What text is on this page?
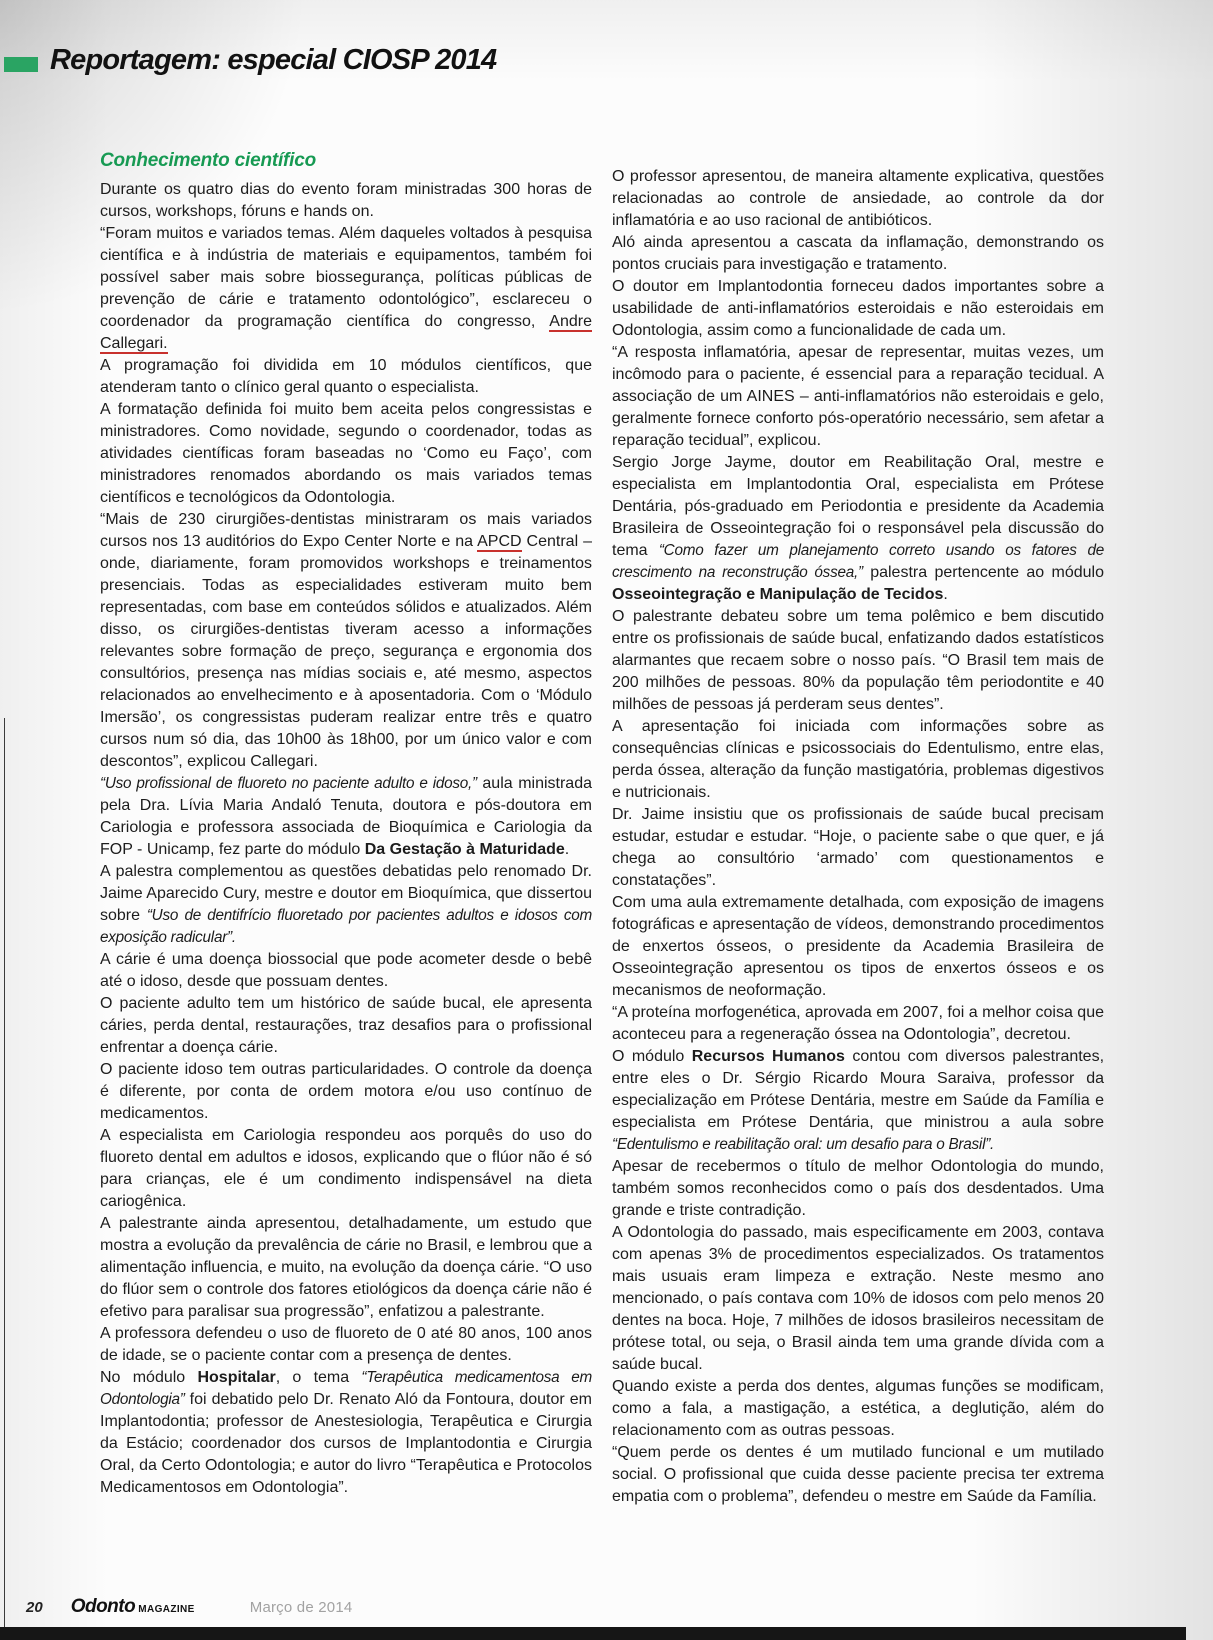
Reportagem: especial CIOSP 2014
Conhecimento científico

Durante os quatro dias do evento foram ministradas 300 horas de cursos, workshops, fóruns e hands on.

“Foram muitos e variados temas. Além daqueles voltados à pesquisa científica e à indústria de materiais e equipamentos, também foi possível saber mais sobre biossegurança, políticas públicas de prevenção de cárie e tratamento odontológico”, esclareceu o coordenador da programação científica do congresso, Andre Callegari.

A programação foi dividida em 10 módulos científicos, que atenderam tanto o clínico geral quanto o especialista.

A formatação definida foi muito bem aceita pelos congressistas e ministradores. Como novidade, segundo o coordenador, todas as atividades científicas foram baseadas no ‘Como eu Faço’, com ministradores renomados abordando os mais variados temas científicos e tecnológicos da Odontologia.

“Mais de 230 cirurgiões-dentistas ministraram os mais variados cursos nos 13 auditórios do Expo Center Norte e na APCD Central – onde, diariamente, foram promovidos workshops e treinamentos presenciais. Todas as especialidades estiveram muito bem representadas, com base em conteúdos sólidos e atualizados. Além disso, os cirurgiões-dentistas tiveram acesso a informações relevantes sobre formação de preço, segurança e ergonomia dos consultórios, presença nas mídias sociais e, até mesmo, aspectos relacionados ao envelhecimento e à aposentadoria. Com o ‘Módulo Imersão’, os congressistas puderam realizar entre três e quatro cursos num só dia, das 10h00 às 18h00, por um único valor e com descontos”, explicou Callegari.

“Uso profissional de fluoreto no paciente adulto e idoso,” aula ministrada pela Dra. Lívia Maria Andaló Tenuta, doutora e pós-doutora em Cariologia e professora associada de Bioquímica e Cariologia da FOP - Unicamp, fez parte do módulo Da Gestação à Maturidade.

A palestra complementou as questões debatidas pelo renomado Dr. Jaime Aparecido Cury, mestre e doutor em Bioquímica, que dissertou sobre “Uso de dentifrício fluoretado por pacientes adultos e idosos com exposição radicular”.

A cárie é uma doença biossocial que pode acometer desde o bebê até o idoso, desde que possuam dentes.

O paciente adulto tem um histórico de saúde bucal, ele apresenta cáries, perda dental, restaurações, traz desafios para o profissional enfrentar a doença cárie.

O paciente idoso tem outras particularidades. O controle da doença é diferente, por conta de ordem motora e/ou uso contínuo de medicamentos.

A especialista em Cariologia respondeu aos porquês do uso do fluoreto dental em adultos e idosos, explicando que o flúor não é só para crianças, ele é um condimento indispensável na dieta cariogênica.

A palestrante ainda apresentou, detalhadamente, um estudo que mostra a evolução da prevalência de cárie no Brasil, e lembrou que a alimentação influencia, e muito, na evolução da doença cárie. “O uso do flúor sem o controle dos fatores etiológicos da doença cárie não é efetivo para paralisar sua progressão”, enfatizou a palestrante.

A professora defendeu o uso de fluoreto de 0 até 80 anos, 100 anos de idade, se o paciente contar com a presença de dentes.

No módulo Hospitalar, o tema “Terapêutica medicamentosa em Odontologia” foi debatido pelo Dr. Renato Aló da Fontoura, doutor em Implantodontia; professor de Anestesiologia, Terapêutica e Cirurgia da Estácio; coordenador dos cursos de Implantodontia e Cirurgia Oral, da Certo Odontologia; e autor do livro “Terapêutica e Protocolos Medicamentosos em Odontologia”.

O professor apresentou, de maneira altamente explicativa, questões relacionadas ao controle de ansiedade, ao controle da dor inflamatória e ao uso racional de antibióticos.

Aló ainda apresentou a cascata da inflamação, demonstrando os pontos cruciais para investigação e tratamento.

O doutor em Implantodontia forneceu dados importantes sobre a usabilidade de anti-inflamatórios esteroidais e não esteroidais em Odontologia, assim como a funcionalidade de cada um.

“A resposta inflamatória, apesar de representar, muitas vezes, um incômodo para o paciente, é essencial para a reparação tecidual. A associação de um AINES – anti-inflamatórios não esteroidais e gelo, geralmente fornece conforto pós-operatório necessário, sem afetar a reparação tecidual”, explicou.

Sergio Jorge Jayme, doutor em Reabilitação Oral, mestre e especialista em Implantodontia Oral, especialista em Prótese Dentária, pós-graduado em Periodontia e presidente da Academia Brasileira de Osseointegração foi o responsável pela discussão do tema “Como fazer um planejamento correto usando os fatores de crescimento na reconstrução óssea,” palestra pertencente ao módulo Osseointegração e Manipulação de Tecidos.

O palestrante debateu sobre um tema polêmico e bem discutido entre os profissionais de saúde bucal, enfatizando dados estatísticos alarmantes que recaem sobre o nosso país. “O Brasil tem mais de 200 milhões de pessoas. 80% da população têm periodontite e 40 milhões de pessoas já perderam seus dentes”.

A apresentação foi iniciada com informações sobre as consequências clínicas e psicossociais do Edentulismo, entre elas, perda óssea, alteração da função mastigatória, problemas digestivos e nutricionais.

Dr. Jaime insistiu que os profissionais de saúde bucal precisam estudar, estudar e estudar. “Hoje, o paciente sabe o que quer, e já chega ao consultório ‘armado’ com questionamentos e constatações”.

Com uma aula extremamente detalhada, com exposição de imagens fotográficas e apresentação de vídeos, demonstrando procedimentos de enxertos ósseos, o presidente da Academia Brasileira de Osseointegração apresentou os tipos de enxertos ósseos e os mecanismos de neoformação.

“A proteína morfogenética, aprovada em 2007, foi a melhor coisa que aconteceu para a regeneração óssea na Odontologia”, decretou.

O módulo Recursos Humanos contou com diversos palestrantes, entre eles o Dr. Sérgio Ricardo Moura Saraiva, professor da especialização em Prótese Dentária, mestre em Saúde da Família e especialista em Prótese Dentária, que ministrou a aula sobre “Edentulismo e reabilitação oral: um desafio para o Brasil”.

Apesar de recebermos o título de melhor Odontologia do mundo, também somos reconhecidos como o país dos desdentados. Uma grande e triste contradição.

A Odontologia do passado, mais especificamente em 2003, contava com apenas 3% de procedimentos especializados. Os tratamentos mais usuais eram limpeza e extração. Neste mesmo ano mencionado, o país contava com 10% de idosos com pelo menos 20 dentes na boca. Hoje, 7 milhões de idosos brasileiros necessitam de prótese total, ou seja, o Brasil ainda tem uma grande dívida com a saúde bucal.

Quando existe a perda dos dentes, algumas funções se modificam, como a fala, a mastigação, a estética, a deglutição, além do relacionamento com as outras pessoas.

“Quem perde os dentes é um mutilado funcional e um mutilado social. O profissional que cuida desse paciente precisa ter extrema empatia com o problema”, defendeu o mestre em Saúde da Família.

20 Odonto MAGAZINE	Março de 2014
